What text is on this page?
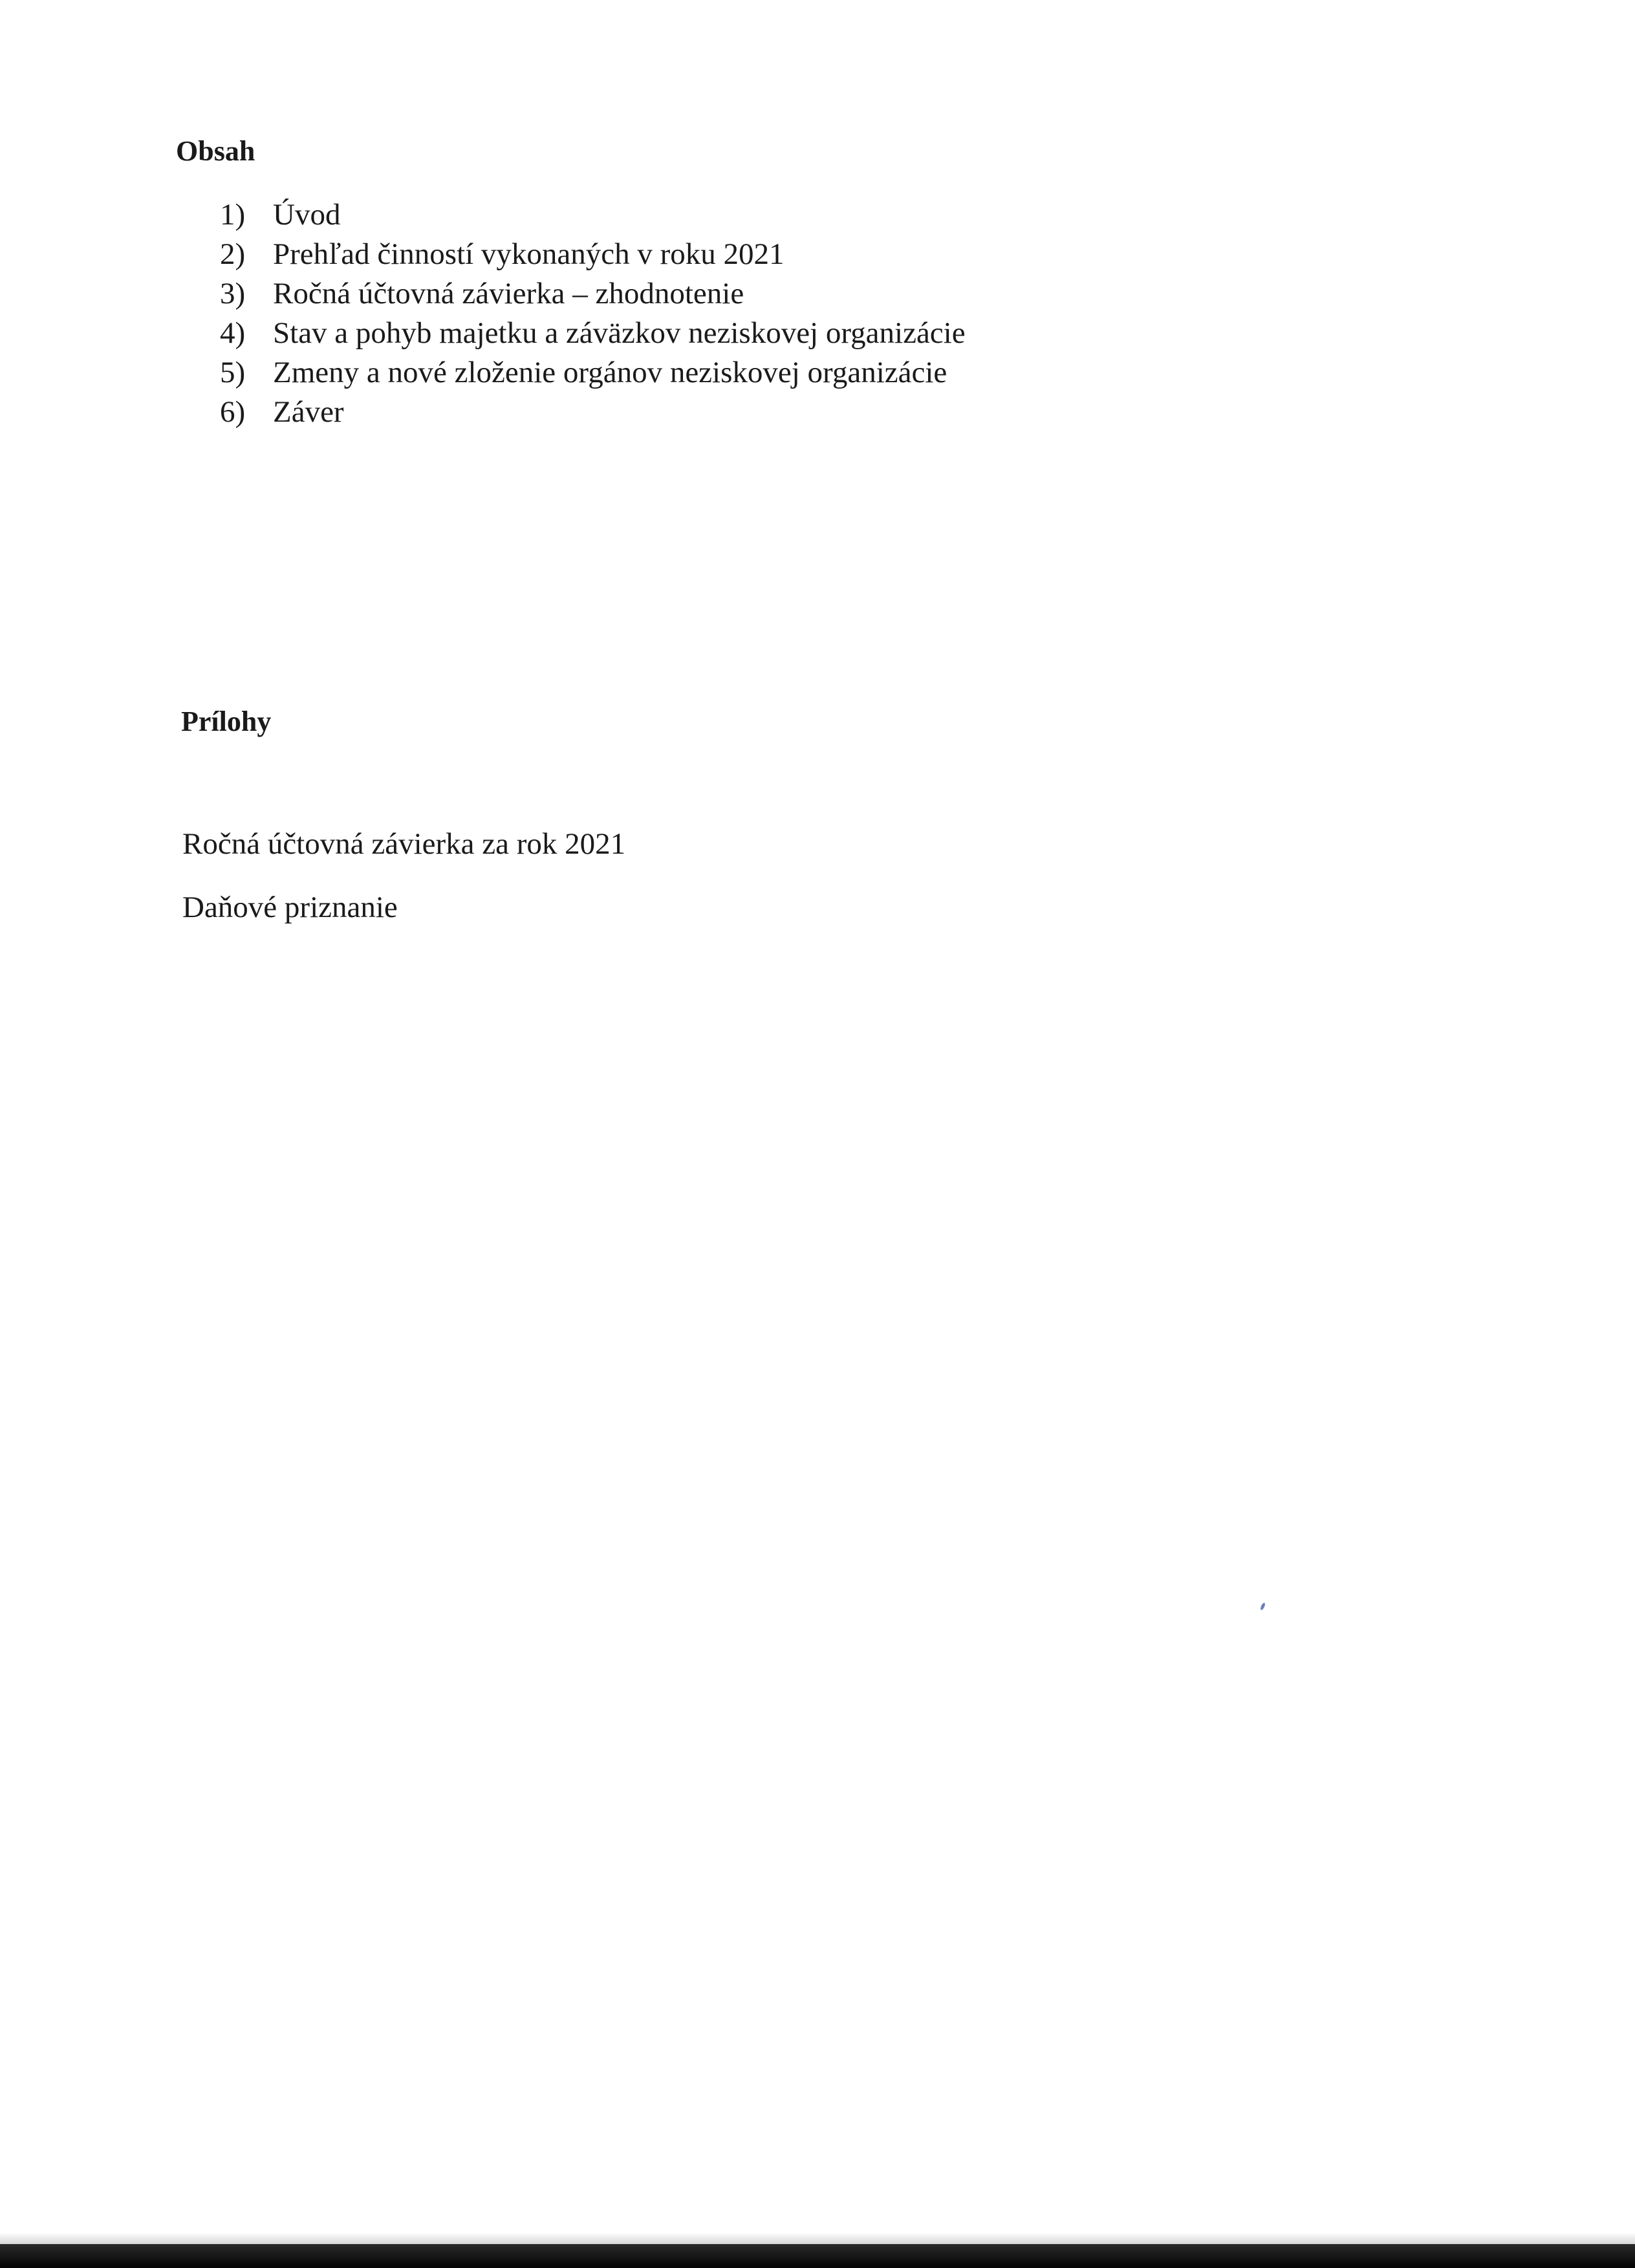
Obsah
1) Úvod
2) Prehľad činností vykonaných v roku 2021
3) Ročná účtovná závierka – zhodnotenie
4) Stav a pohyb majetku a záväzkov neziskovej organizácie
5) Zmeny a nové zloženie orgánov neziskovej organizácie
6) Záver
Prílohy
Ročná účtovná závierka za rok 2021
Daňové priznanie
